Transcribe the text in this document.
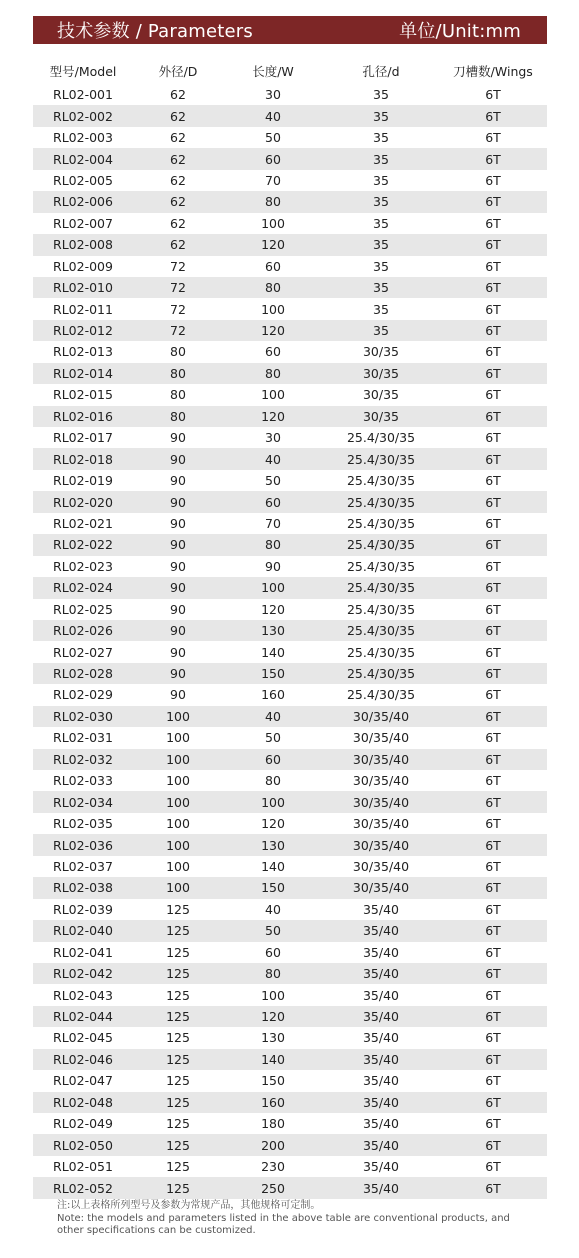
技术参数 / Parameters	单位/Unit:mm
型号/Model	外径/D	长度/W	孔径/d	刀槽数/Wings
RL02-001	62	30	35	6T
RL02-002	62	40	35	6T
RL02-003	62	50	35	6T
RL02-004	62	60	35	6T
RL02-005	62	70	35	6T
RL02-006	62	80	35	6T
RL02-007	62	100	35	6T
RL02-008	62	120	35	6T
RL02-009	72	60	35	6T
RL02-010	72	80	35	6T
RL02-011	72	100	35	6T
RL02-012	72	120	35	6T
RL02-013	80	60	30/35	6T
RL02-014	80	80	30/35	6T
RL02-015	80	100	30/35	6T
RL02-016	80	120	30/35	6T
RL02-017	90	30	25.4/30/35	6T
RL02-018	90	40	25.4/30/35	6T
RL02-019	90	50	25.4/30/35	6T
RL02-020	90	60	25.4/30/35	6T
RL02-021	90	70	25.4/30/35	6T
RL02-022	90	80	25.4/30/35	6T
RL02-023	90	90	25.4/30/35	6T
RL02-024	90	100	25.4/30/35	6T
RL02-025	90	120	25.4/30/35	6T
RL02-026	90	130	25.4/30/35	6T
RL02-027	90	140	25.4/30/35	6T
RL02-028	90	150	25.4/30/35	6T
RL02-029	90	160	25.4/30/35	6T
RL02-030	100	40	30/35/40	6T
RL02-031	100	50	30/35/40	6T
RL02-032	100	60	30/35/40	6T
RL02-033	100	80	30/35/40	6T
RL02-034	100	100	30/35/40	6T
RL02-035	100	120	30/35/40	6T
RL02-036	100	130	30/35/40	6T
RL02-037	100	140	30/35/40	6T
RL02-038	100	150	30/35/40	6T
RL02-039	125	40	35/40	6T
RL02-040	125	50	35/40	6T
RL02-041	125	60	35/40	6T
RL02-042	125	80	35/40	6T
RL02-043	125	100	35/40	6T
RL02-044	125	120	35/40	6T
RL02-045	125	130	35/40	6T
RL02-046	125	140	35/40	6T
RL02-047	125	150	35/40	6T
RL02-048	125	160	35/40	6T
RL02-049	125	180	35/40	6T
RL02-050	125	200	35/40	6T
RL02-051	125	230	35/40	6T
RL02-052	125	250	35/40	6T
注:以上表格所列型号及参数为常规产品，其他规格可定制。
Note: the models and parameters listed in the above table are conventional products, and other specifications can be customized.
